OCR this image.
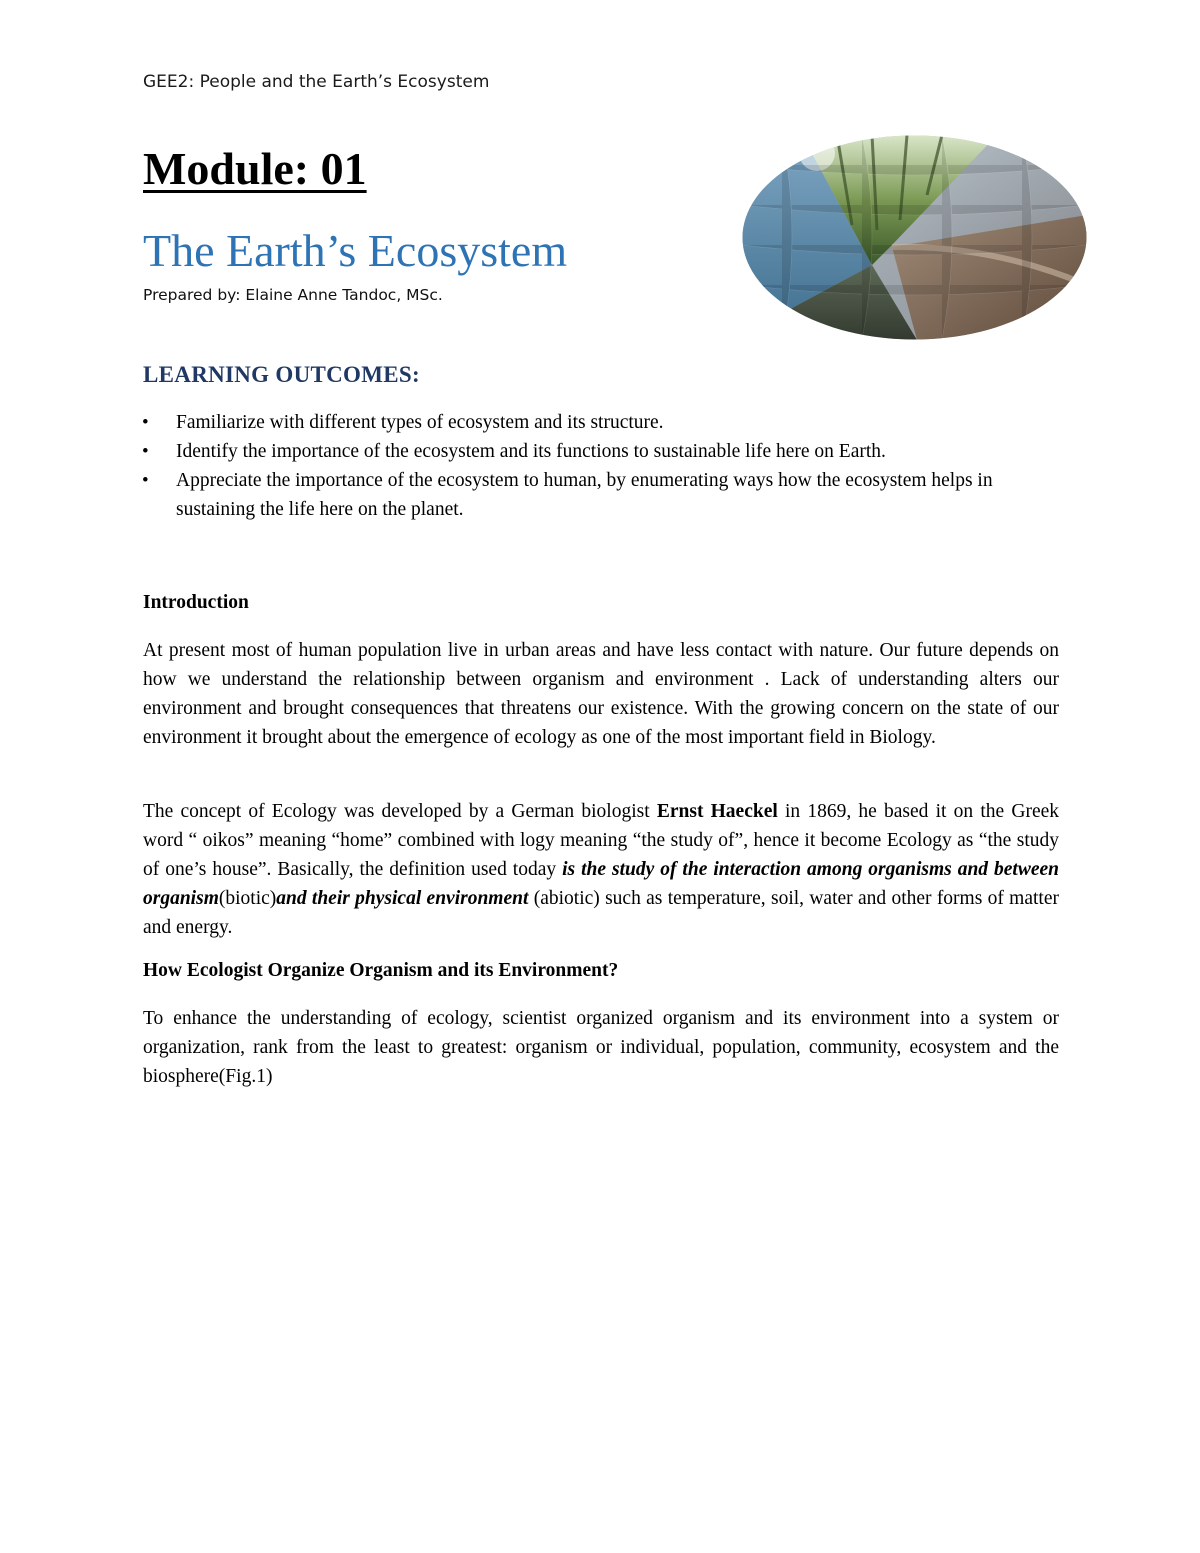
GEE2: People and the Earth’s Ecosystem
Module: 01
The Earth’s Ecosystem
Prepared by: Elaine Anne Tandoc, MSc.
LEARNING OUTCOMES:
• Familiarize with different types of ecosystem and its structure.
• Identify the importance of the ecosystem and its functions to sustainable life here on Earth.
• Appreciate the importance of the ecosystem to human, by enumerating ways how the ecosystem helps in sustaining the life here on the planet.
Introduction

At present most of human population live in urban areas and have less contact with nature. Our future depends on how we understand the relationship between organism and environment . Lack of understanding alters our environment and brought consequences that threatens our existence. With the growing concern on the state of our environment it brought about the emergence of ecology as one of the most important field in Biology.

The concept of Ecology was developed by a German biologist Ernst Haeckel in 1869, he based it on the Greek word “ oikos” meaning “home” combined with logy meaning “the study of”, hence it become Ecology as “the study of one’s house”. Basically, the definition used today is the study of the interaction among organisms and between organism(biotic)and their physical environment (abiotic) such as temperature, soil, water and other forms of matter and energy.

How Ecologist Organize Organism and its Environment?

To enhance the understanding of ecology, scientist organized organism and its environment into a system or organization, rank from the least to greatest: organism or individual, population, community, ecosystem and the biosphere(Fig.1)
